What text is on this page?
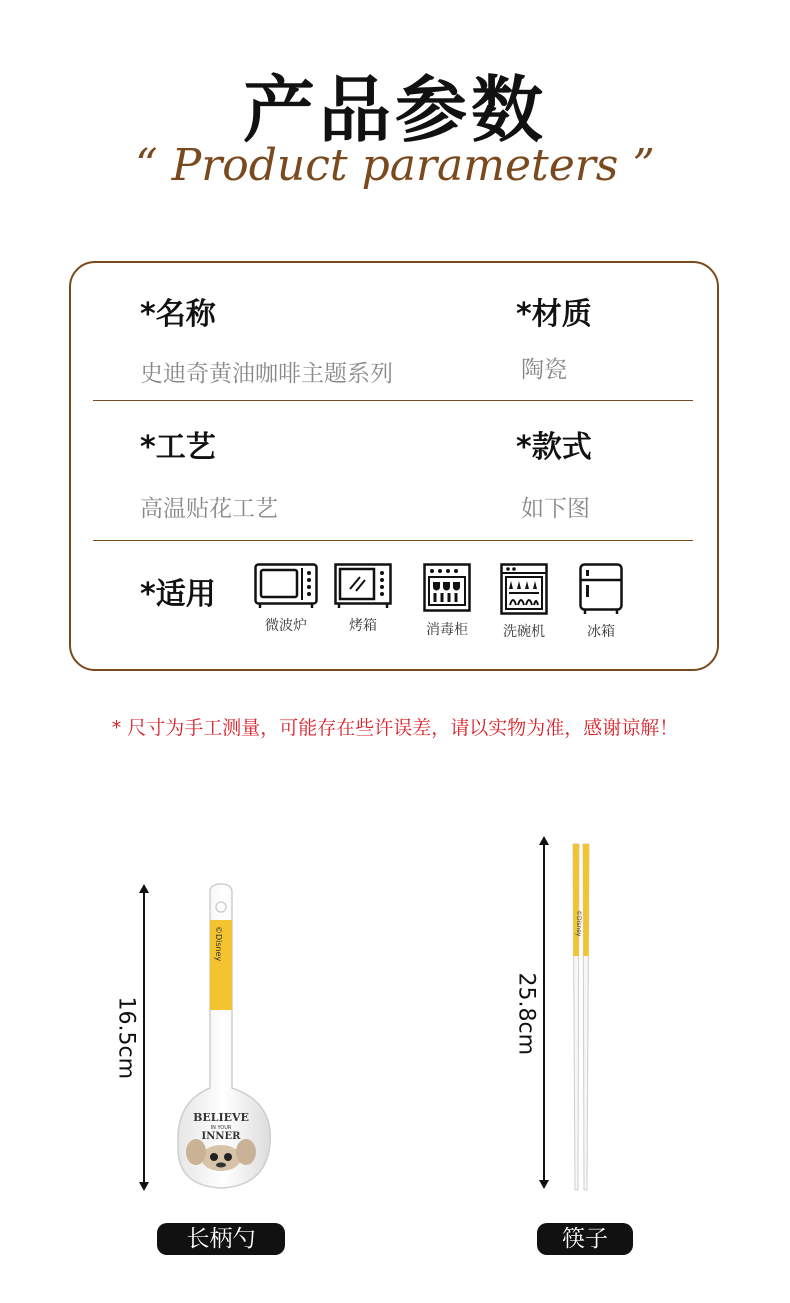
产品参数
“ Product parameters ”
*名称
史迪奇黄油咖啡主题系列
*材质
陶瓷
*工艺
高温贴花工艺
*款式
如下图
*适用
微波炉	烤箱	消毒柜	洗碗机	冰箱
* 尺寸为手工测量，可能存在些许误差，请以实物为准，感谢谅解！
16.5cm
©Disney
BELIEVE
IN YOUR
INNER
25.8cm
©Disney
长柄勺	筷子
